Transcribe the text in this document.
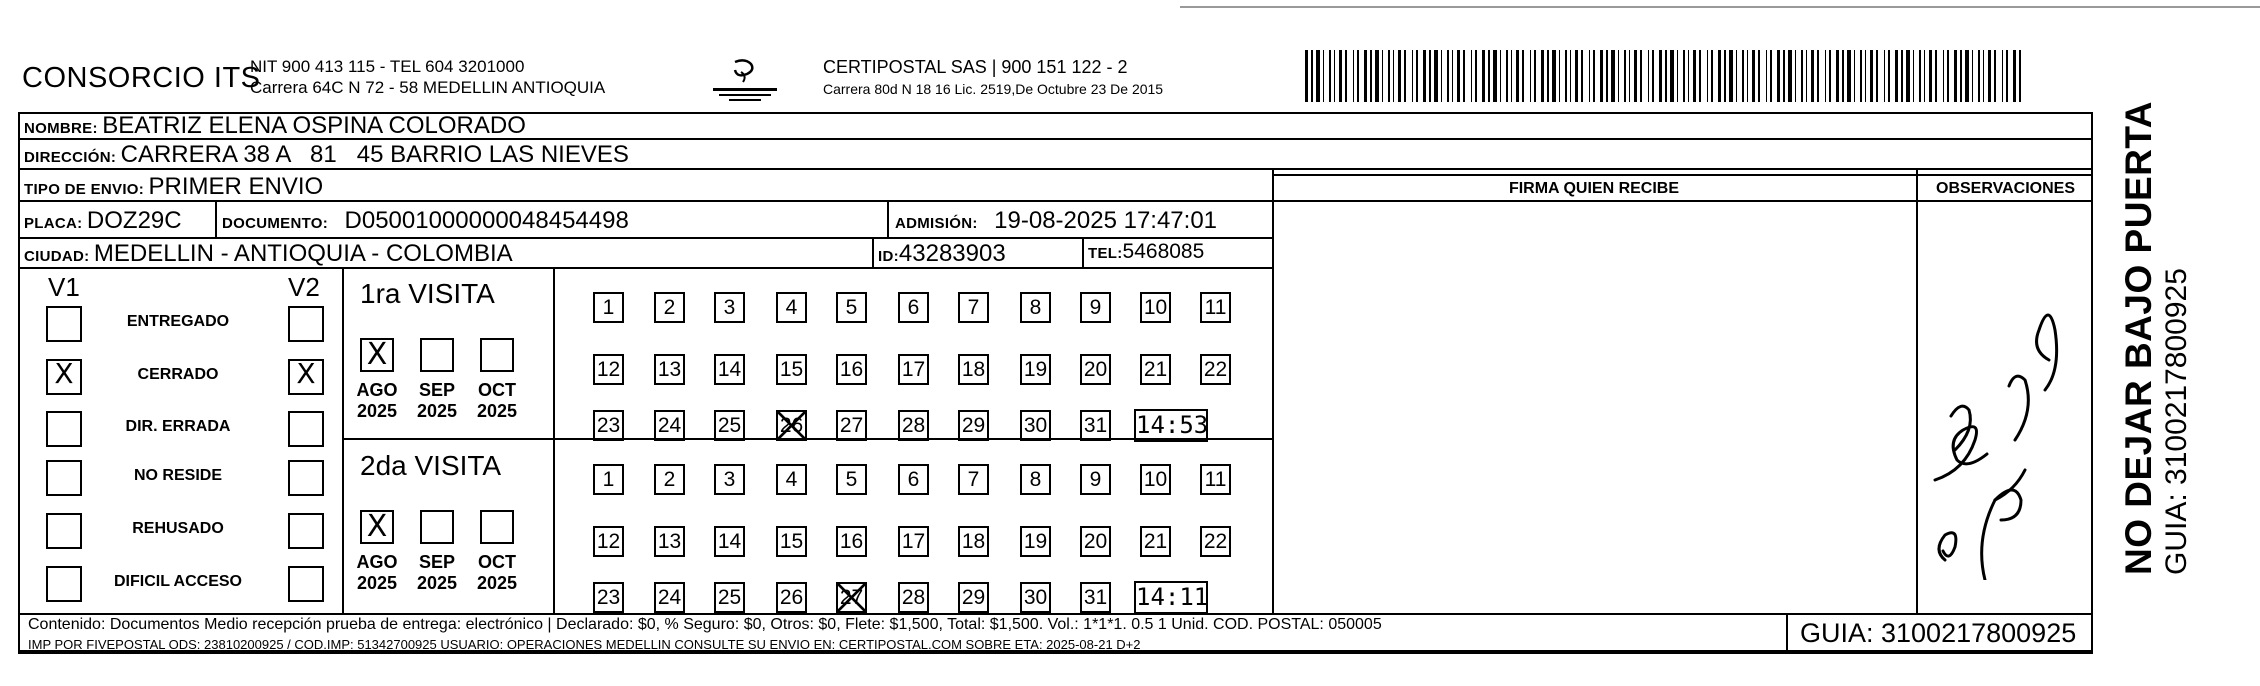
CONSORCIO ITS
NIT 900 413 115 - TEL 604 3201000
Carrera 64C N 72 - 58 MEDELLIN ANTIOQUIA
CERTIPOSTAL SAS | 900 151 122 - 2
Carrera 80d N 18 16 Lic. 2519,De Octubre 23 De 2015
NOMBRE: BEATRIZ ELENA OSPINA COLORADO
DIRECCIÓN: CARRERA 38 A   81   45 BARRIO LAS NIEVES
TIPO DE ENVIO: PRIMER ENVIO
PLACA: DOZ29C	DOCUMENTO: D05001000000048454498	ADMISIÓN: 19-08-2025 17:47:01
CIUDAD: MEDELLIN - ANTIOQUIA - COLOMBIA	ID:43283903	TEL:5468085
FIRMA QUIEN RECIBE	OBSERVACIONES
V1	V2
ENTREGADO
X	CERRADO	X
DIR. ERRADA
NO RESIDE
REHUSADO
DIFICIL ACCESO
1ra VISITA
X
AGO
2025
SEP
2025
OCT
2025
1	2	3	4	5	6	7	8	9	10 11
12 13 14 15 16 17 18 19 20 21 22
23 24 25 26 27 28 29 30 31 14:53
2da VISITA
X
AGO
2025
SEP
2025
OCT
2025
1	2	3	4	5	6	7	8	9	10 11
12 13 14 15 16 17 18 19 20 21 22
23 24 25 26 27 28 29 30 31 14:11
Contenido: Documentos Medio recepción prueba de entrega: electrónico | Declarado: $0, % Seguro: $0, Otros: $0, Flete: $1,500, Total: $1,500. Vol.: 1*1*1. 0.5 1 Unid. COD. POSTAL: 050005
IMP POR FIVEPOSTAL ODS: 23810200925 / COD.IMP: 51342700925 USUARIO: OPERACIONES MEDELLIN CONSULTE SU ENVIO EN: CERTIPOSTAL.COM SOBRE ETA: 2025-08-21 D+2	GUIA: 3100217800925
NO DEJAR BAJO PUERTA GUIA: 3100217800925
